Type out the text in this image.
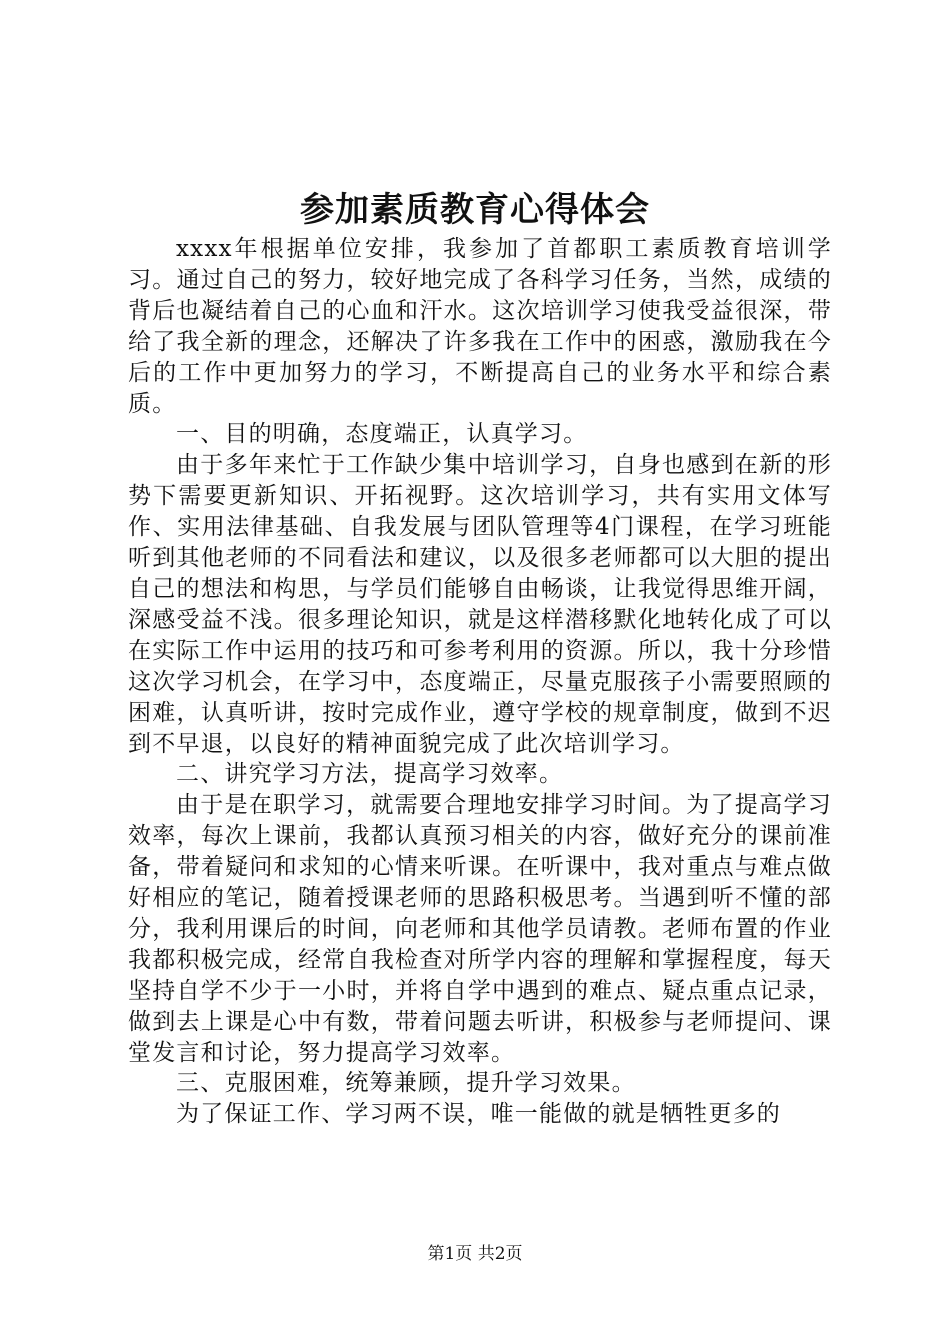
参加素质教育心得体会

xxxx年根据单位安排，我参加了首都职工素质教育培训学习。通过自己的努力，较好地完成了各科学习任务，当然，成绩的背后也凝结着自己的心血和汗水。这次培训学习使我受益很深，带给了我全新的理念，还解决了许多我在工作中的困惑，激励我在今后的工作中更加努力的学习，不断提高自己的业务水平和综合素质。

一、目的明确，态度端正，认真学习。

由于多年来忙于工作缺少集中培训学习，自身也感到在新的形势下需要更新知识、开拓视野。这次培训学习，共有实用文体写作、实用法律基础、自我发展与团队管理等4门课程，在学习班能听到其他老师的不同看法和建议，以及很多老师都可以大胆的提出自己的想法和构思，与学员们能够自由畅谈，让我觉得思维开阔，深感受益不浅。很多理论知识，就是这样潜移默化地转化成了可以在实际工作中运用的技巧和可参考利用的资源。所以，我十分珍惜这次学习机会，在学习中，态度端正，尽量克服孩子小需要照顾的困难，认真听讲，按时完成作业，遵守学校的规章制度，做到不迟到不早退，以良好的精神面貌完成了此次培训学习。

二、讲究学习方法，提高学习效率。

由于是在职学习，就需要合理地安排学习时间。为了提高学习效率，每次上课前，我都认真预习相关的内容，做好充分的课前准备，带着疑问和求知的心情来听课。在听课中，我对重点与难点做好相应的笔记，随着授课老师的思路积极思考。当遇到听不懂的部分，我利用课后的时间，向老师和其他学员请教。老师布置的作业我都积极完成，经常自我检查对所学内容的理解和掌握程度，每天坚持自学不少于一小时，并将自学中遇到的难点、疑点重点记录，做到去上课是心中有数，带着问题去听讲，积极参与老师提问、课堂发言和讨论，努力提高学习效率。

三、克服困难，统筹兼顾，提升学习效果。

为了保证工作、学习两不误，唯一能做的就是牺牲更多的

第1页 共2页
